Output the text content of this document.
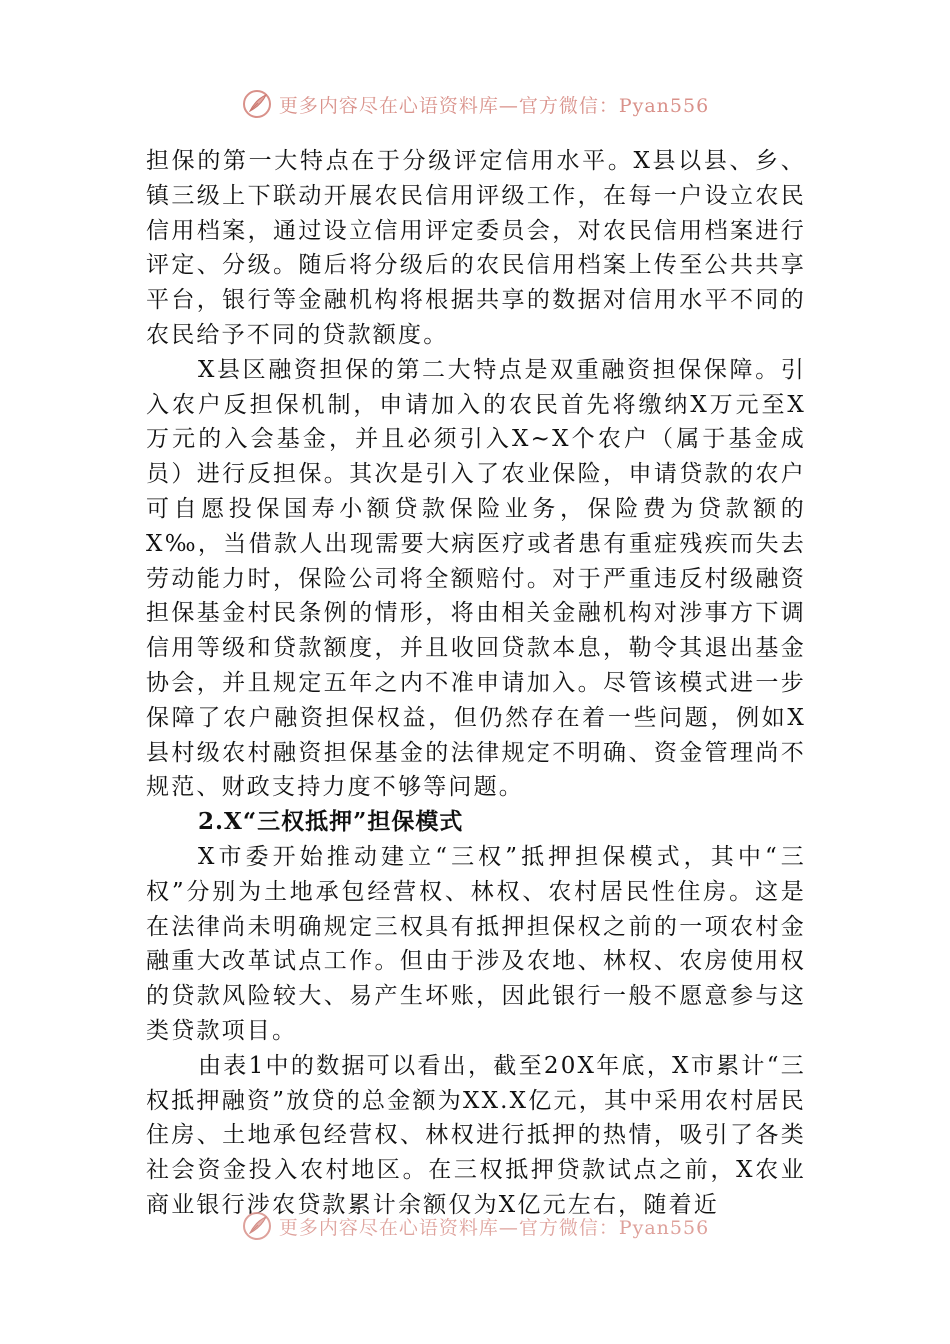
更多内容尽在心语资料库—官方微信：Pyan556

担保的第一大特点在于分级评定信用水平。X县以县、乡、镇三级上下联动开展农民信用评级工作，在每一户设立农民信用档案，通过设立信用评定委员会，对农民信用档案进行评定、分级。随后将分级后的农民信用档案上传至公共共享平台，银行等金融机构将根据共享的数据对信用水平不同的农民给予不同的贷款额度。

X县区融资担保的第二大特点是双重融资担保保障。引入农户反担保机制，申请加入的农民首先将缴纳X万元至X万元的入会基金，并且必须引入X~X个农户（属于基金成员）进行反担保。其次是引入了农业保险，申请贷款的农户可自愿投保国寿小额贷款保险业务，保险费为贷款额的X‰，当借款人出现需要大病医疗或者患有重症残疾而失去劳动能力时，保险公司将全额赔付。对于严重违反村级融资担保基金村民条例的情形，将由相关金融机构对涉事方下调信用等级和贷款额度，并且收回贷款本息，勒令其退出基金协会，并且规定五年之内不准申请加入。尽管该模式进一步保障了农户融资担保权益，但仍然存在着一些问题，例如X县村级农村融资担保基金的法律规定不明确、资金管理尚不规范、财政支持力度不够等问题。

2.X“三权抵押”担保模式

X市委开始推动建立“三权”抵押担保模式，其中“三权”分别为土地承包经营权、林权、农村居民性住房。这是在法律尚未明确规定三权具有抵押担保权之前的一项农村金融重大改革试点工作。但由于涉及农地、林权、农房使用权的贷款风险较大、易产生坏账，因此银行一般不愿意参与这类贷款项目。

由表1中的数据可以看出，截至20X年底，X市累计“三权抵押融资”放贷的总金额为XX.X亿元，其中采用农村居民住房、土地承包经营权、林权进行抵押的热情，吸引了各类社会资金投入农村地区。在三权抵押贷款试点之前，X农业商业银行涉农贷款累计余额仅为X亿元左右，随着近

更多内容尽在心语资料库—官方微信：Pyan556
